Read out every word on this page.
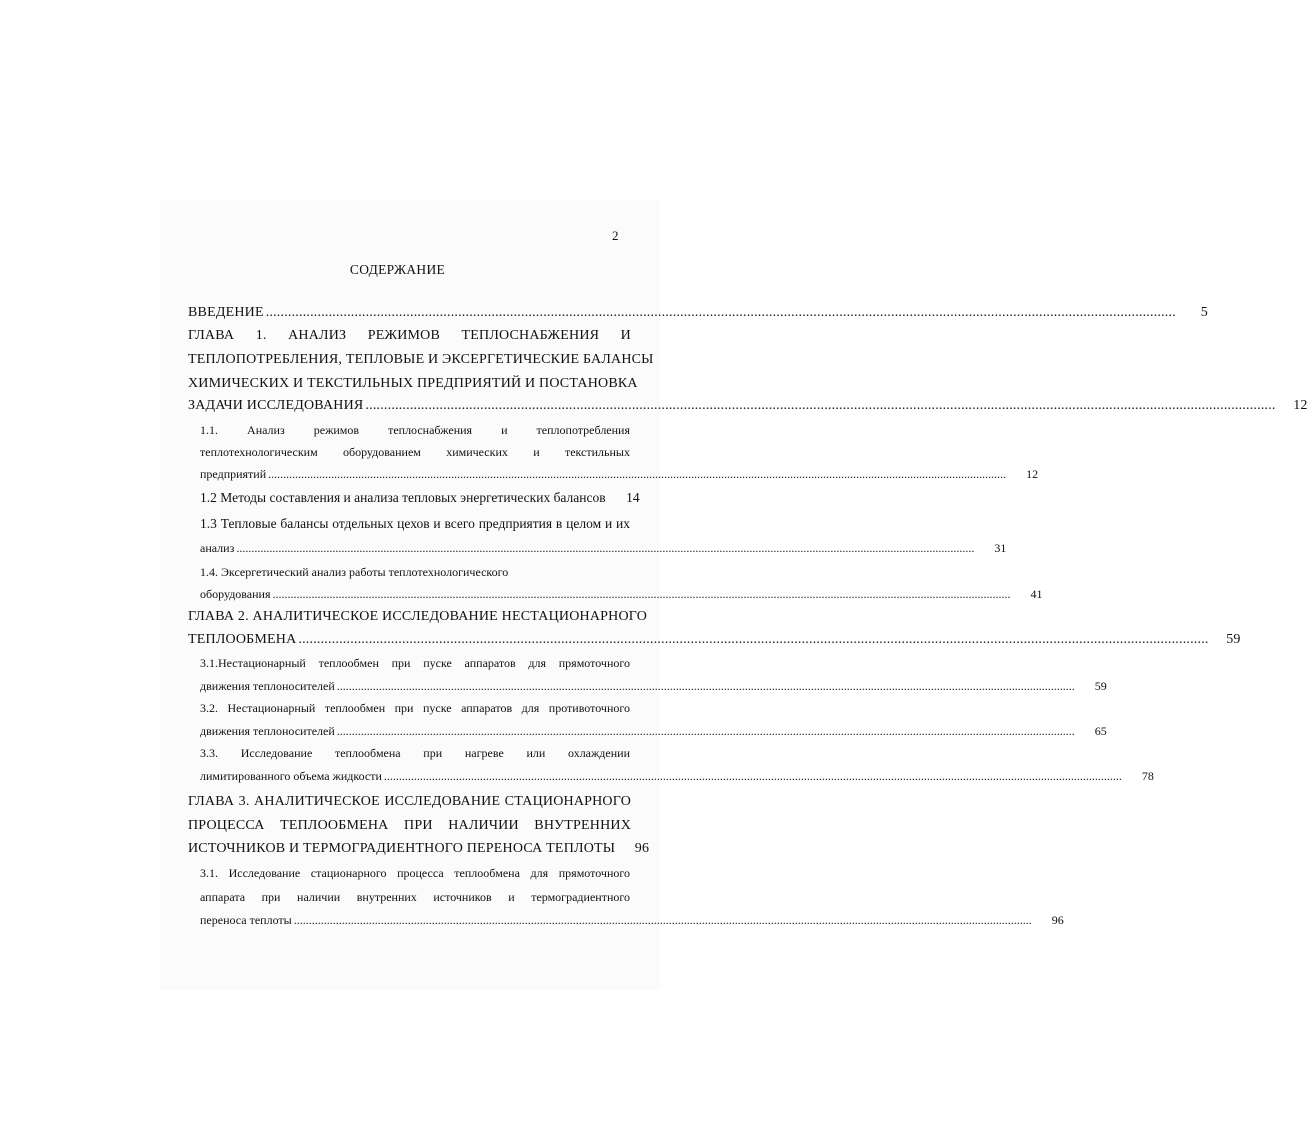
2
СОДЕРЖАНИЕ
ВВЕДЕНИЕ .....	5
ГЛАВА 1. АНАЛИЗ РЕЖИМОВ ТЕПЛОСНАБЖЕНИЯ И
ТЕПЛОПОТРЕБЛЕНИЯ, ТЕПЛОВЫЕ И ЭКСЕРГЕТИЧЕСКИЕ БАЛАНСЫ
ХИМИЧЕСКИХ И ТЕКСТИЛЬНЫХ ПРЕДПРИЯТИЙ И ПОСТАНОВКА
ЗАДАЧИ ИССЛЕДОВАНИЯ .....	12
1.1. Анализ режимов теплоснабжения и теплопотребления
теплотехнологическим оборудованием химических и текстильных
предприятий .....	12
1.2 Методы составления и анализа тепловых энергетических балансов	14
1.3 Тепловые балансы отдельных цехов и всего предприятия в целом и их
анализ .....	31
1.4. Эксергетический анализ работы теплотехнологического
оборудования .....	41
ГЛАВА 2. АНАЛИТИЧЕСКОЕ ИССЛЕДОВАНИЕ НЕСТАЦИОНАРНОГО
ТЕПЛООБМЕНА .....	59
3.1.Нестационарный теплообмен при пуске аппаратов для прямоточного
движения теплоносителей .....	59
3.2. Нестационарный теплообмен при пуске аппаратов для противоточного
движения теплоносителей .....	65
3.3. Исследование теплообмена при нагреве или охлаждении
лимитированного объема жидкости .....	78
ГЛАВА 3. АНАЛИТИЧЕСКОЕ ИССЛЕДОВАНИЕ СТАЦИОНАРНОГО
ПРОЦЕССА ТЕПЛООБМЕНА ПРИ НАЛИЧИИ ВНУТРЕННИХ
ИСТОЧНИКОВ И ТЕРМОГРАДИЕНТНОГО ПЕРЕНОСА ТЕПЛОТЫ	96
3.1. Исследование стационарного процесса теплообмена для прямоточного
аппарата при наличии внутренних источников и термоградиентного
переноса теплоты .....	96
